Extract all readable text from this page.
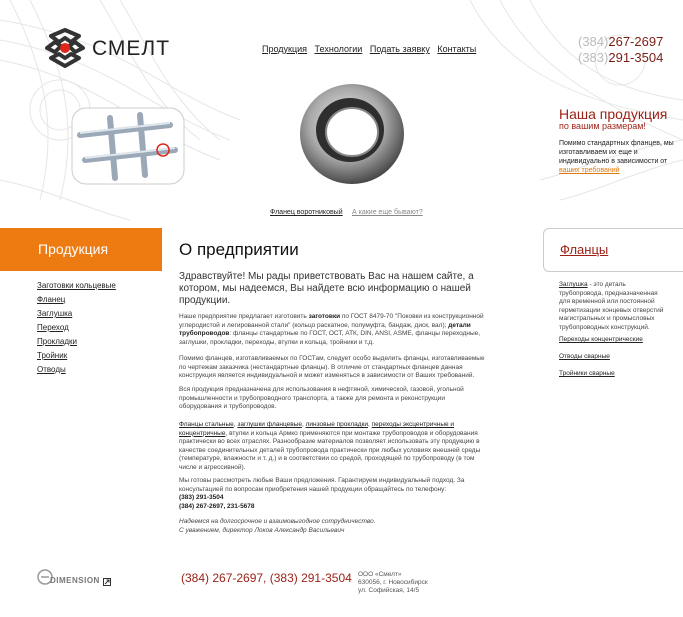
СМЕЛТ	Продукция Технологии Подать заявку Контакты	(384)267-2697
(383)291-3504
Фланец воротниковый А какие еще бывают?
Наша продукция
по вашим размерам!
Помимо стандартных фланцев, мы изготавливаем их еще и индивидуально в зависимости от ваших требований
Продукция
Заготовки кольцевые
Фланец
Заглушка
Переход
Прокладки
Тройник
Отводы
О предприятии
Здравствуйте! Мы рады приветствовать Вас на нашем сайте, а котором, мы надеемся, Вы найдете всю информацию о нашей продукции.
Наше предприятие предлагает изготовить заготовки по ГОСТ 8479-70 "Поковки из конструкционной углеродистой и легированной стали" (кольцо раскатное, полумуфта, бандаж, диск, вал); детали трубопроводов: фланцы стандартные по ГОСТ, ОСТ, АТК, DIN, ANSI, ASME, фланцы переходные, заглушки, прокладки, переходы, втулки и кольца, тройники и т.д.
Помимо фланцев, изготавливаемых по ГОСТам, следует особо выделить фланцы, изготавливаемые по чертежам заказчика (нестандартные фланцы). В отличие от стандартных фланцев данная конструкция является индивидуальной и может изменяться в зависимости от Ваших требований.
Вся продукция предназначена для использования в нефтяной, химической, газовой, угольной промышленности и трубопроводного транспорта, а также для ремонта и реконструкции оборудования и трубопроводов.
Фланцы стальные, заглушки фланцевые, линзовые прокладки, переходы эксцентричные и концентричные, втулки и кольца Армко применяются при монтаже трубопроводов и оборудования практически во всех отраслях. Разнообразие материалов позволяет использовать эту продукцию в качестве соединительных деталей трубопровода практически при любых условиях внешней среды (температуре, влажности и т. д.) и в соответствии со средой, проходящей по трубопроводу (в том числе и агрессивной).
Мы готовы рассмотреть любые Ваши предложения. Гарантируем индивидуальный подход. За консультацией по вопросам приобретения нашей продукции обращайтесь по телефону:
(383) 291-3504
(384) 267-2697, 231-5678
Надеемся на долгосрочное и взаимовыгодное сотрудничество.
С уважением, директор Локов Александр Васильевич
Фланцы
Заглушка - это деталь трубопровода, предназначенная для временной или постоянной герметизации концевых отверстий магистральных и промысловых трубопроводных конструкций.
Переходы концентрические
Отводы сварные
Тройники сварные
DIMENSION	(384) 267-2697, (383) 291-3504 ООО «Смелт»
630056, г. Новосибирск
ул. Софийская, 14/5
